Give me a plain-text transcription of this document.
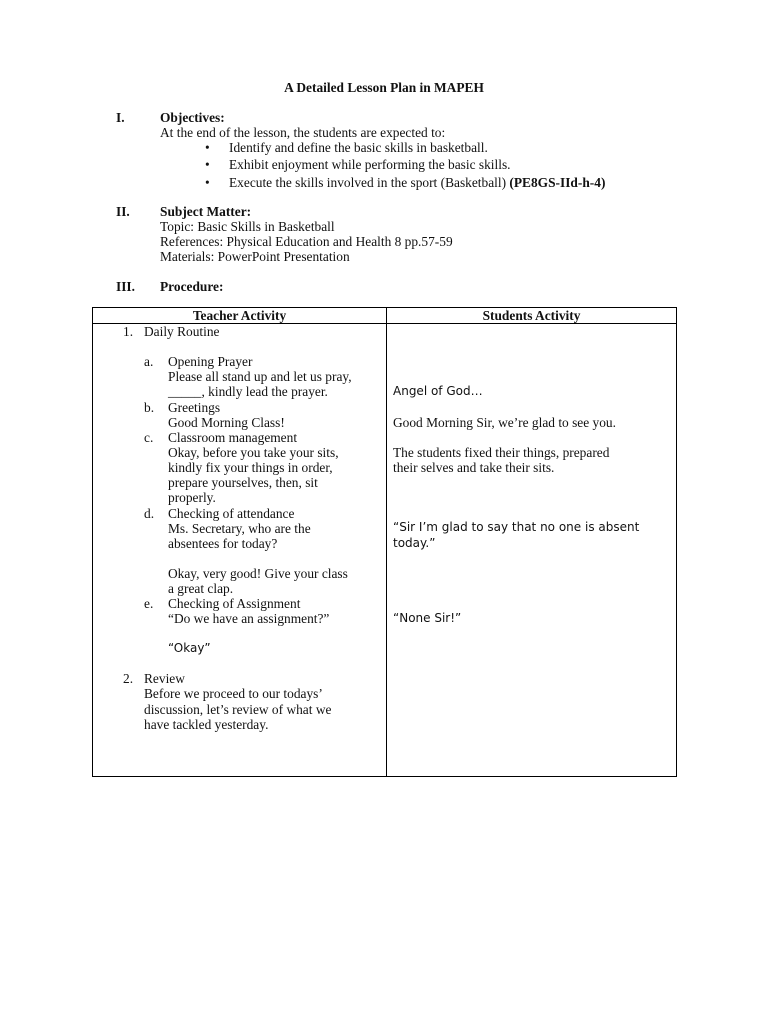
A Detailed Lesson Plan in MAPEH

I.	Objectives:

At the end of the lesson, the students are expected to:

• Identify and define the basic skills in basketball.

• Exhibit enjoyment while performing the basic skills.

• Execute the skills involved in the sport (Basketball) (PE8GS-IId-h-4)

II. Subject Matter:

Topic: Basic Skills in Basketball

References: Physical Education and Health 8 pp.57-59

Materials: PowerPoint Presentation

III. Procedure:

Teacher Activity	Students Activity
1. Daily Routine
a. Opening Prayer
Please all stand up and let us pray,
_____, kindly lead the prayer.
b. Greetings
Good Morning Class!
c. Classroom management
Okay, before you take your sits,
kindly fix your things in order,
prepare yourselves, then, sit
properly.
d. Checking of attendance
Ms. Secretary, who are the
absentees for today?
Okay, very good! Give your class
a great clap.
e. Checking of Assignment
“Do we have an assignment?”
“Okay”
2. Review
Before we proceed to our todays’
discussion, let’s review of what we
have tackled yesterday.
Angel of God…
Good Morning Sir, we’re glad to see you.
The students fixed their things, prepared
their selves and take their sits.
“Sir I’m glad to say that no one is absent
today.”
“None Sir!”
